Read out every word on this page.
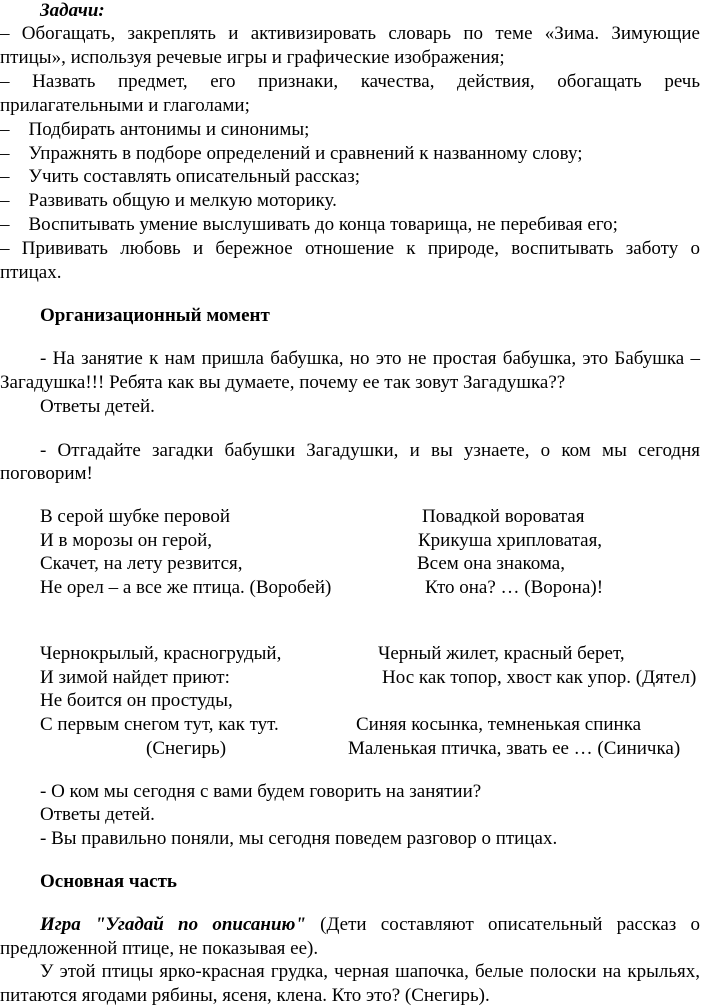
Задачи:
– Обогащать, закреплять и активизировать словарь по теме «Зима. Зимующие
птицы», используя речевые игры и графические изображения;
– Назвать предмет, его признаки, качества, действия, обогащать речь
прилагательными и глаголами;
–    Подбирать антонимы и синонимы;
–    Упражнять в подборе определений и сравнений к названному слову;
–    Учить составлять описательный рассказ;
–    Развивать общую и мелкую моторику.
–    Воспитывать умение выслушивать до конца товарища, не перебивая его;
– Прививать любовь и бережное отношение к природе, воспитывать заботу о
птицах.
Организационный момент
- На занятие к нам пришла бабушка, но это не простая бабушка, это Бабушка –
Загадушка!!! Ребята как вы думаете, почему ее так зовут Загадушка??
Ответы детей.
- Отгадайте загадки бабушки Загадушки, и вы узнаете, о ком мы сегодня
поговорим!
В серой шубке перовой
И в морозы он герой,
Скачет, на лету резвится,
Не орел – а все же птица. (Воробей)
Повадкой вороватая
Крикуша хрипловатая,
Всем она знакома,
Кто она? … (Ворона)!
Чернокрылый, красногрудый,
И зимой найдет приют:
Не боится он простуды,
С первым снегом тут, как тут.
(Снегирь)
Черный жилет, красный берет,
Нос как топор, хвост как упор. (Дятел)
Синяя косынка, темненькая спинка
Маленькая птичка, звать ее … (Синичка)
- О ком мы сегодня с вами будем говорить на занятии?
Ответы детей.
- Вы правильно поняли, мы сегодня поведем разговор о птицах.
Основная часть
Игра "Угадай по описанию" (Дети составляют описательный рассказ о
предложенной птице, не показывая ее).
У этой птицы ярко-красная грудка, черная шапочка, белые полоски на крыльях,
питаются ягодами рябины, ясеня, клена. Кто это? (Снегирь).
